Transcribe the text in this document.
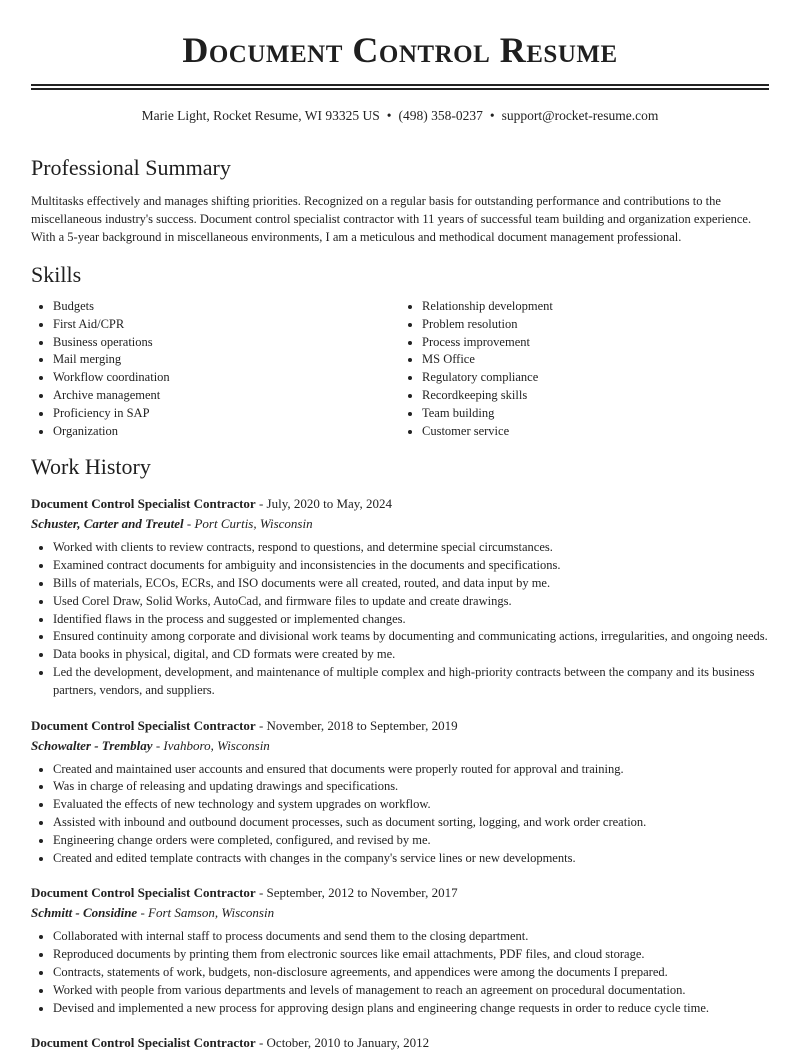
Document Control Resume
Marie Light, Rocket Resume, WI 93325 US • (498) 358-0237 • support@rocket-resume.com
Professional Summary

Multitasks effectively and manages shifting priorities. Recognized on a regular basis for outstanding performance and contributions to the miscellaneous industry's success. Document control specialist contractor with 11 years of successful team building and organization experience. With a 5-year background in miscellaneous environments, I am a meticulous and methodical document management professional.

Skills
• Budgets
• First Aid/CPR
• Business operations
• Mail merging
• Workflow coordination
• Archive management
• Proficiency in SAP
• Organization
• Relationship development
• Problem resolution
• Process improvement
• MS Office
• Regulatory compliance
• Recordkeeping skills
• Team building
• Customer service
Work History
Document Control Specialist Contractor - July, 2020 to May, 2024
Schuster, Carter and Treutel - Port Curtis, Wisconsin
• Worked with clients to review contracts, respond to questions, and determine special circumstances.
• Examined contract documents for ambiguity and inconsistencies in the documents and specifications.
• Bills of materials, ECOs, ECRs, and ISO documents were all created, routed, and data input by me.
• Used Corel Draw, Solid Works, AutoCad, and firmware files to update and create drawings.
• Identified flaws in the process and suggested or implemented changes.
• Ensured continuity among corporate and divisional work teams by documenting and communicating actions, irregularities, and ongoing needs.
• Data books in physical, digital, and CD formats were created by me.
• Led the development, development, and maintenance of multiple complex and high-priority contracts between the company and its business partners, vendors, and suppliers.
Document Control Specialist Contractor - November, 2018 to September, 2019
Schowalter - Tremblay - Ivahboro, Wisconsin
• Created and maintained user accounts and ensured that documents were properly routed for approval and training.
• Was in charge of releasing and updating drawings and specifications.
• Evaluated the effects of new technology and system upgrades on workflow.
• Assisted with inbound and outbound document processes, such as document sorting, logging, and work order creation.
• Engineering change orders were completed, configured, and revised by me.
• Created and edited template contracts with changes in the company's service lines or new developments.
Document Control Specialist Contractor - September, 2012 to November, 2017
Schmitt - Considine - Fort Samson, Wisconsin
• Collaborated with internal staff to process documents and send them to the closing department.
• Reproduced documents by printing them from electronic sources like email attachments, PDF files, and cloud storage.
• Contracts, statements of work, budgets, non-disclosure agreements, and appendices were among the documents I prepared.
• Worked with people from various departments and levels of management to reach an agreement on procedural documentation.
• Devised and implemented a new process for approving design plans and engineering change requests in order to reduce cycle time.
Document Control Specialist Contractor - October, 2010 to January, 2012
